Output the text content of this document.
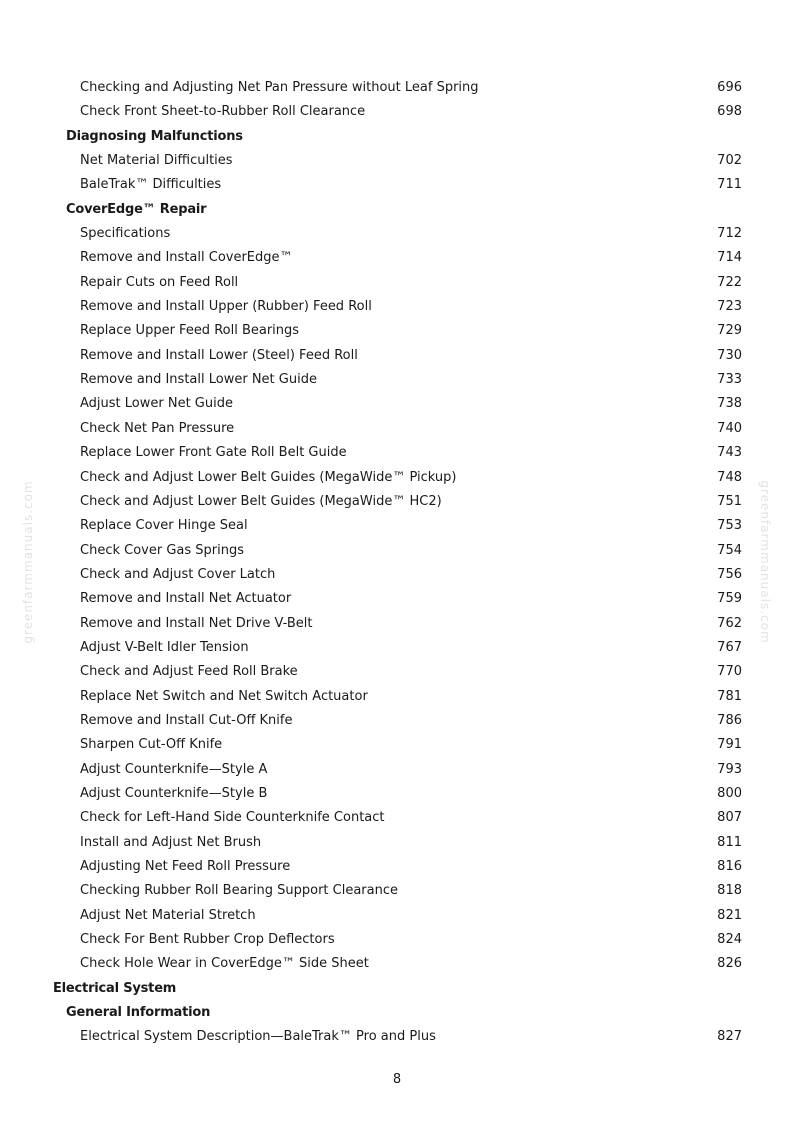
Checking and Adjusting Net Pan Pressure without Leaf Spring	696
Check Front Sheet-to-Rubber Roll Clearance	698
Diagnosing Malfunctions
Net Material Difficulties	702
BaleTrak™ Difficulties	711
CoverEdge™ Repair
Specifications	712
Remove and Install CoverEdge™	714
Repair Cuts on Feed Roll	722
Remove and Install Upper (Rubber) Feed Roll	723
Replace Upper Feed Roll Bearings	729
Remove and Install Lower (Steel) Feed Roll	730
Remove and Install Lower Net Guide	733
Adjust Lower Net Guide	738
Check Net Pan Pressure	740
Replace Lower Front Gate Roll Belt Guide	743
Check and Adjust Lower Belt Guides (MegaWide™ Pickup)	748
Check and Adjust Lower Belt Guides (MegaWide™ HC2)	751
Replace Cover Hinge Seal	753
Check Cover Gas Springs	754
Check and Adjust Cover Latch	756
Remove and Install Net Actuator	759
Remove and Install Net Drive V-Belt	762
Adjust V-Belt Idler Tension	767
Check and Adjust Feed Roll Brake	770
Replace Net Switch and Net Switch Actuator	781
Remove and Install Cut-Off Knife	786
Sharpen Cut-Off Knife	791
Adjust Counterknife—Style A	793
Adjust Counterknife—Style B	800
Check for Left-Hand Side Counterknife Contact	807
Install and Adjust Net Brush	811
Adjusting Net Feed Roll Pressure	816
Checking Rubber Roll Bearing Support Clearance	818
Adjust Net Material Stretch	821
Check For Bent Rubber Crop Deflectors	824
Check Hole Wear in CoverEdge™ Side Sheet	826
Electrical System
General Information
Electrical System Description—BaleTrak™ Pro and Plus	827
8
greenfarmmanuals.com	greenfarmmanuals.com
